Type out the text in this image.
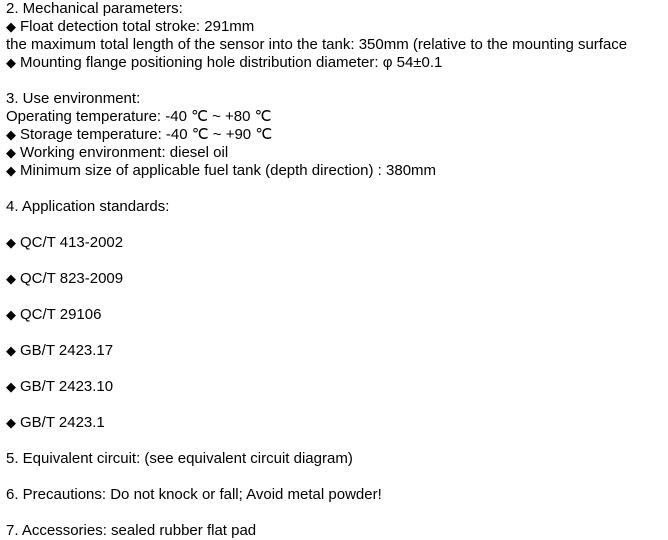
2. Mechanical parameters:
◆ Float detection total stroke: 291mm
the maximum total length of the sensor into the tank: 350mm (relative to the mounting surface
◆ Mounting flange positioning hole distribution diameter: φ 54±0.1
3. Use environment:
Operating temperature: -40 ℃ ~ +80 ℃
◆ Storage temperature: -40 ℃ ~ +90 ℃
◆ Working environment: diesel oil
◆ Minimum size of applicable fuel tank (depth direction) : 380mm
4. Application standards:
◆ QC/T 413-2002
◆ QC/T 823-2009
◆ QC/T 29106
◆ GB/T 2423.17
◆ GB/T 2423.10
◆ GB/T 2423.1
5. Equivalent circuit: (see equivalent circuit diagram)
6. Precautions: Do not knock or fall; Avoid metal powder!
7. Accessories: sealed rubber flat pad
